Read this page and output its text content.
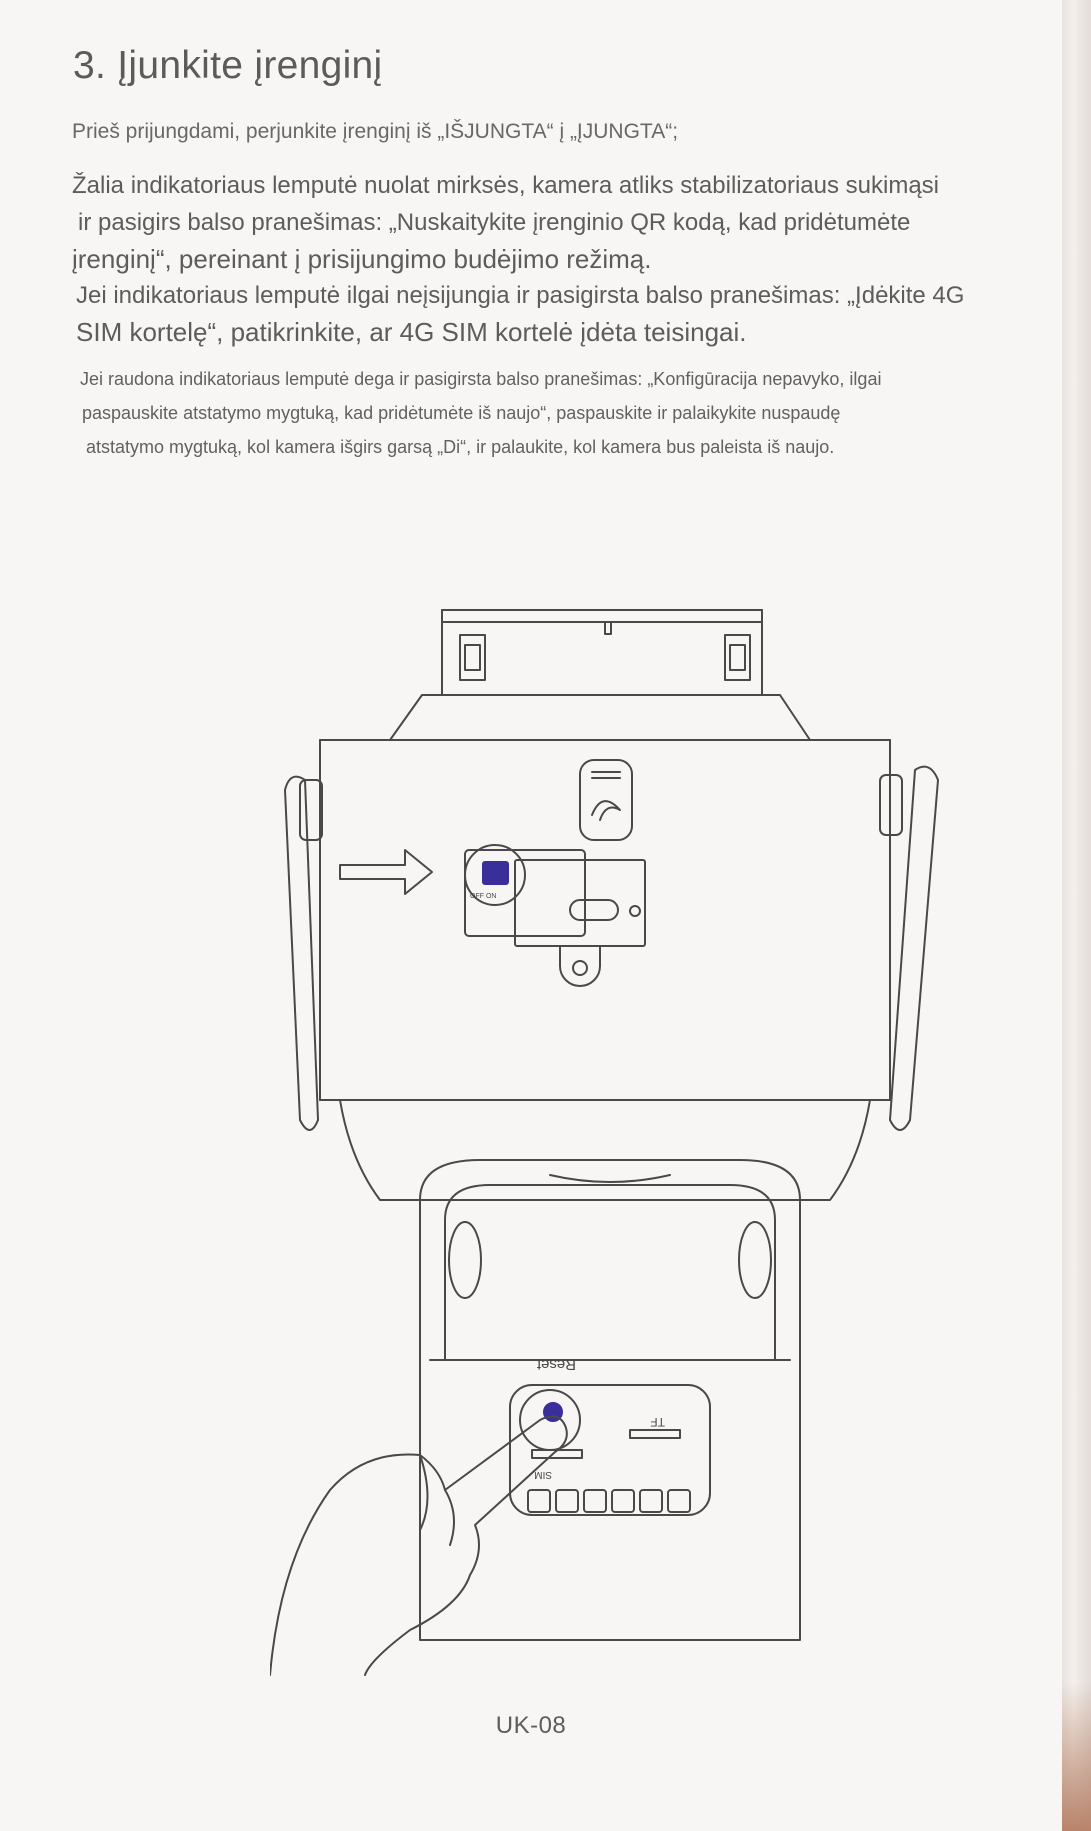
3. Įjunkite įrenginį

Prieš prijungdami, perjunkite įrenginį iš „IŠJUNGTA“ į „ĮJUNGTA“;

Žalia indikatoriaus lemputė nuolat mirksės, kamera atliks stabilizatoriaus sukimąsi
ir pasigirs balso pranešimas: „Nuskaitykite įrenginio QR kodą, kad pridėtumėte
įrenginį“, pereinant į prisijungimo budėjimo režimą.
Jei indikatoriaus lemputė ilgai neįsijungia ir pasigirsta balso pranešimas: „Įdėkite 4G
SIM kortelę“, patikrinkite, ar 4G SIM kortelė įdėta teisingai.
Jei raudona indikatoriaus lemputė dega ir pasigirsta balso pranešimas: „Konfigūracija nepavyko, ilgai
paspauskite atstatymo mygtuką, kad pridėtumėte iš naujo“, paspauskite ir palaikykite nuspaudę
atstatymo mygtuką, kol kamera išgirs garsą „Di“, ir palaukite, kol kamera bus paleista iš naujo.
Reset
TF
SIM
OFF ON
UK-08
